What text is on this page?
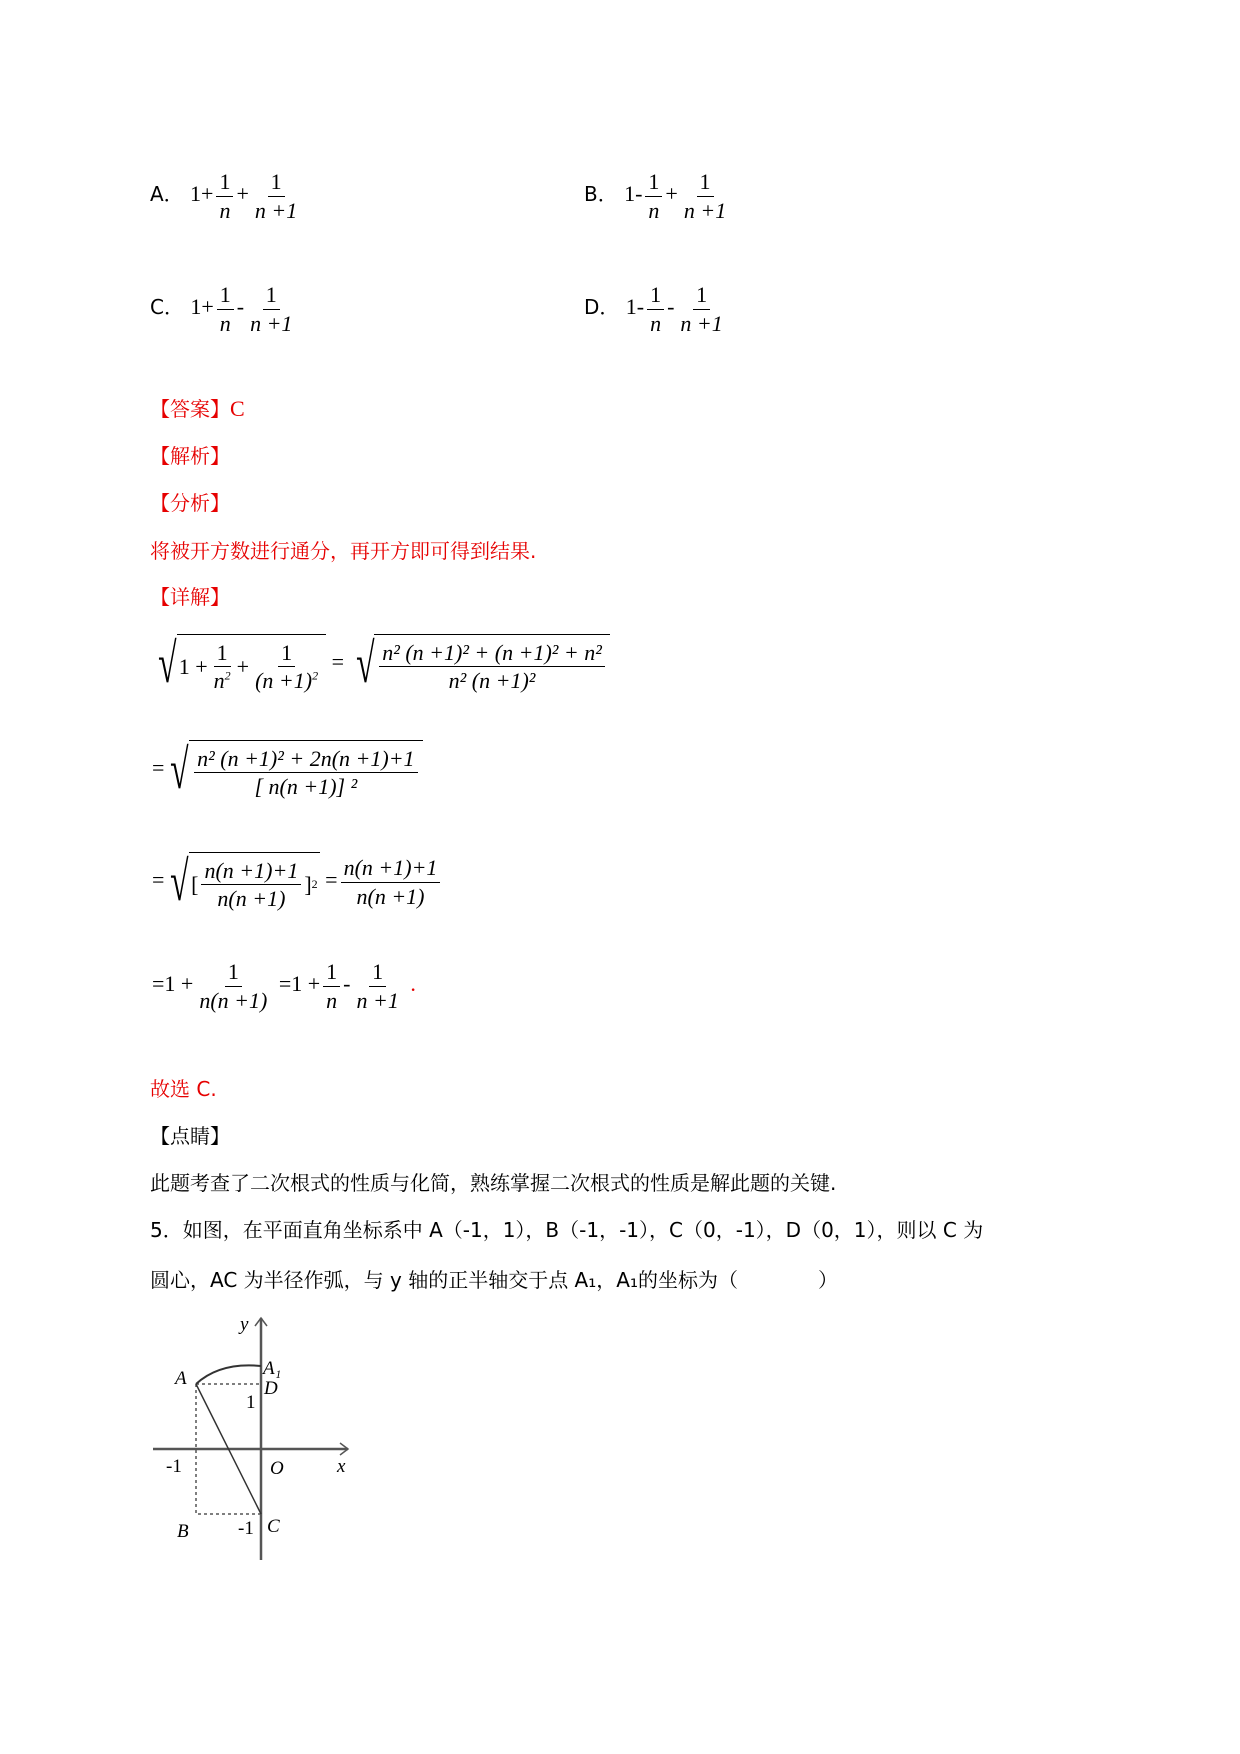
A． $1+ \frac{1}{n} + \frac{1}{n +1}$	B． $1- \frac{1}{n} + \frac{1}{n +1}$
C． $1+ \frac{1}{n} - \frac{1}{n +1}$	D． $1- \frac{1}{n} - \frac{1}{n +1}$
【答案】C
【解析】
【分析】
将被开方数进行通分，再开方即可得到结果.
【详解】
√ $1 + \frac{1}{n^2} + \frac{1}{(n +1)^2}$ = √ $\frac{\text{n² (n +1)² + (n +1)² + n²}}{\text{n² (n +1)²}}$
= √ $\frac{\text{n² (n +1)² + 2n(n +1)+1}}{\text{[ n(n +1)] ²}}$
= √ [ $\frac{n(n +1)+1}{n(n +1)}$ ] $2 = \frac{n(n +1)+1}{n(n +1)}$
$=1 + \frac{1}{n(n +1)} =1 + \frac{1}{n} - \frac{1}{n +1}$ .
故选 C.
【点睛】
此题考查了二次根式的性质与化简，熟练掌握二次根式的性质是解此题的关键.
5．如图，在平面直角坐标系中 A（-1，1），B（-1，-1），C（0，-1），D（0，1），则以 C 为
圆心，AC 为半径作弧，与 y 轴的正半轴交于点 A₁，A₁的坐标为（　　　　）
y
x
A	A₁
D
1
-1	O
B	-1 C
